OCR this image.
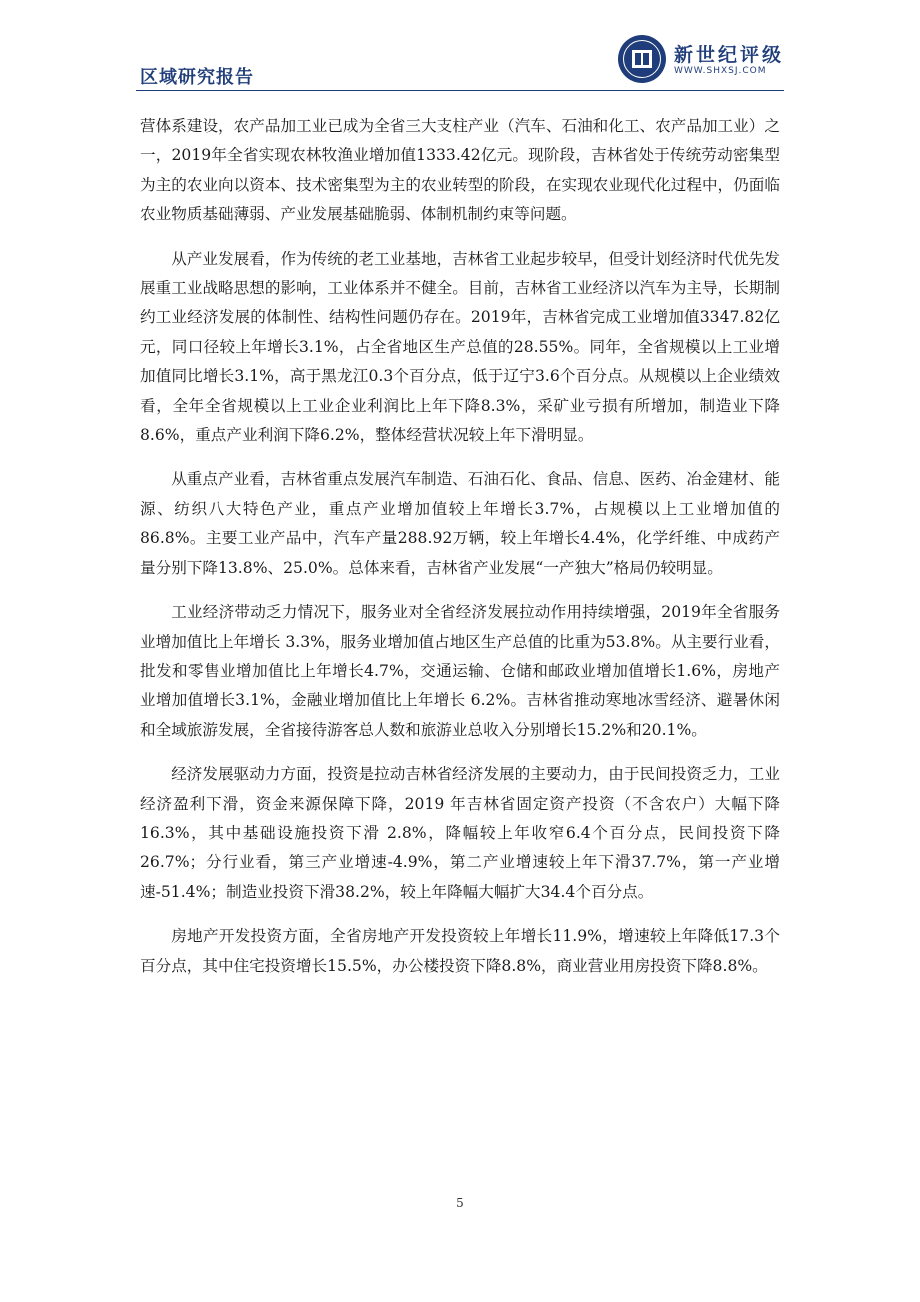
区域研究报告
新世纪评级
WWW.SHXSJ.COM

营体系建设，农产品加工业已成为全省三大支柱产业（汽车、石油和化工、农产品加工业）之一，2019年全省实现农林牧渔业增加值1333.42亿元。现阶段，吉林省处于传统劳动密集型为主的农业向以资本、技术密集型为主的农业转型的阶段，在实现农业现代化过程中，仍面临农业物质基础薄弱、产业发展基础脆弱、体制机制约束等问题。

从产业发展看，作为传统的老工业基地，吉林省工业起步较早，但受计划经济时代优先发展重工业战略思想的影响，工业体系并不健全。目前，吉林省工业经济以汽车为主导，长期制约工业经济发展的体制性、结构性问题仍存在。2019年，吉林省完成工业增加值3347.82亿元，同口径较上年增长3.1%，占全省地区生产总值的28.55%。同年，全省规模以上工业增加值同比增长3.1%，高于黑龙江0.3个百分点，低于辽宁3.6个百分点。从规模以上企业绩效看，全年全省规模以上工业企业利润比上年下降8.3%，采矿业亏损有所增加，制造业下降8.6%，重点产业利润下降6.2%，整体经营状况较上年下滑明显。

从重点产业看，吉林省重点发展汽车制造、石油石化、食品、信息、医药、冶金建材、能源、纺织八大特色产业，重点产业增加值较上年增长3.7%，占规模以上工业增加值的86.8%。主要工业产品中，汽车产量288.92万辆，较上年增长4.4%，化学纤维、中成药产量分别下降13.8%、25.0%。总体来看，吉林省产业发展“一产独大”格局仍较明显。

工业经济带动乏力情况下，服务业对全省经济发展拉动作用持续增强，2019年全省服务业增加值比上年增长 3.3%，服务业增加值占地区生产总值的比重为53.8%。从主要行业看，批发和零售业增加值比上年增长4.7%，交通运输、仓储和邮政业增加值增长1.6%，房地产业增加值增长3.1%，金融业增加值比上年增长 6.2%。吉林省推动寒地冰雪经济、避暑休闲和全域旅游发展，全省接待游客总人数和旅游业总收入分别增长15.2%和20.1%。

经济发展驱动力方面，投资是拉动吉林省经济发展的主要动力，由于民间投资乏力，工业经济盈利下滑，资金来源保障下降，2019 年吉林省固定资产投资（不含农户）大幅下降 16.3%，其中基础设施投资下滑 2.8%，降幅较上年收窄6.4个百分点，民间投资下降26.7%；分行业看，第三产业增速-4.9%，第二产业增速较上年下滑37.7%，第一产业增速-51.4%；制造业投资下滑38.2%，较上年降幅大幅扩大34.4个百分点。

房地产开发投资方面，全省房地产开发投资较上年增长11.9%，增速较上年降低17.3个百分点，其中住宅投资增长15.5%，办公楼投资下降8.8%，商业营业用房投资下降8.8%。

5
